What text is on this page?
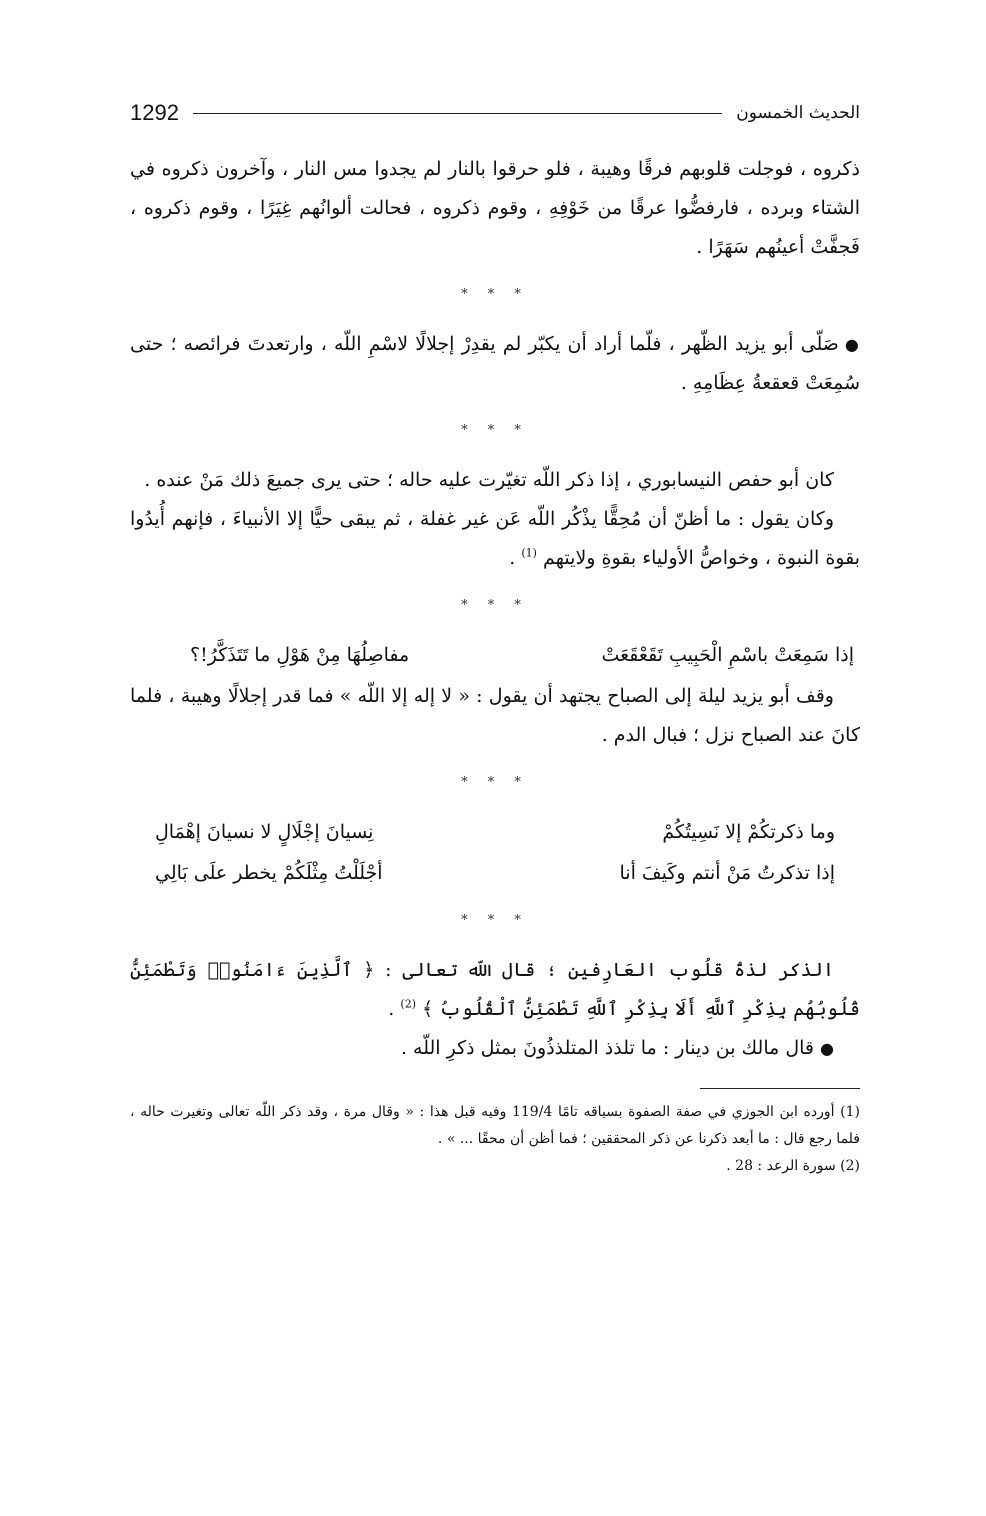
1292	الحديث الخمسون

ذكروه ، فوجلت قلوبهم فرقًا وهيبة ، فلو حرقوا بالنار لم يجدوا مس النار ، وآخرون ذكروه في الشتاء وبرده ، فارفضُّوا عرقًا من خَوْفِهِ ، وقوم ذكروه ، فحالت ألوانُهم غِيَرًا ، وقوم ذكروه ، فَجفَّتْ أعينُهم سَهَرًا .

* * *

●صَلّى أبو يزيد الظّهر ، فلّما أراد أن يكبّر لم يقدِرْ إجلالًا لاسْمِ اللّه ، وارتعدتَ فرائصه ؛ حتى سُمِعَتْ قعقعةُ عِظَامِهِ .

* * *

كان أبو حفص النيسابوري ، إذا ذكر اللّه تغيّرت عليه حاله ؛ حتى يرى جميعَ ذلك مَنْ عنده .

وكان يقول : ما أظنّ أن مُحِقًّا يذْكُر اللّه عَن غير غفلة ، ثم يبقى حيًّا إلا الأنبياءَ ، فإنهم أُيدُوا بقوة النبوة ، وخواصُّ الأولياء بقوةِ ولايتهم $^{(1)}$ .

* * *
إذا سَمِعَتْ باسْمِ الْحَبِيبِ تَقَعْقَعَتْ
مفاصِلُهَا مِنْ هَوْلِ ما تَتَذَكَّرُ!؟

وقف أبو يزيد ليلة إلى الصباح يجتهد أن يقول : « لا إله إلا اللّه » فما قدر إجلالًا وهيبة ، فلما كانَ عند الصباح نزل ؛ فبال الدم .

* * *
وما ذكرتكُمْ إلا نَسِيتُكُمْ
نِسيانَ إجْلَالٍ لا نسيانَ إهْمَالِ
إذا تذكرتُ مَنْ أنتم وكَيفَ أنا
أجْلَلْتُ مِثْلَكُمْ يخطر علَى بَالِي
* * *

الذكر لذةُ قلُوب العَارِفين ؛ قال اللّه تعالى : ﴿ ٱلَّذِينَ ءَامَنُوا۟ وَتَطْمَئِنُّ قُلُوبُهُم بِذِكْرِ ٱللَّهِ أَلَا بِذِكْرِ ٱللَّهِ تَطْمَئِنُّ ٱلْقُلُوبُ ﴾ $^{(2)}$ .

●قال مالك بن دينار : ما تلذذ المتلذذُونَ بمثل ذكرِ اللّه .

(1) أورده ابن الجوزي في صفة الصفوة بسياقه تامًا 119/4 وفيه قبل هذا : « وقال مرة ، وقد ذكر اللّه تعالى وتغيرت حاله ، فلما رجع قال : ما أبعد ذكرنا عن ذكر المحققين ؛ فما أظن أن محقًا ... » .

(2) سورة الرعد : 28 .
